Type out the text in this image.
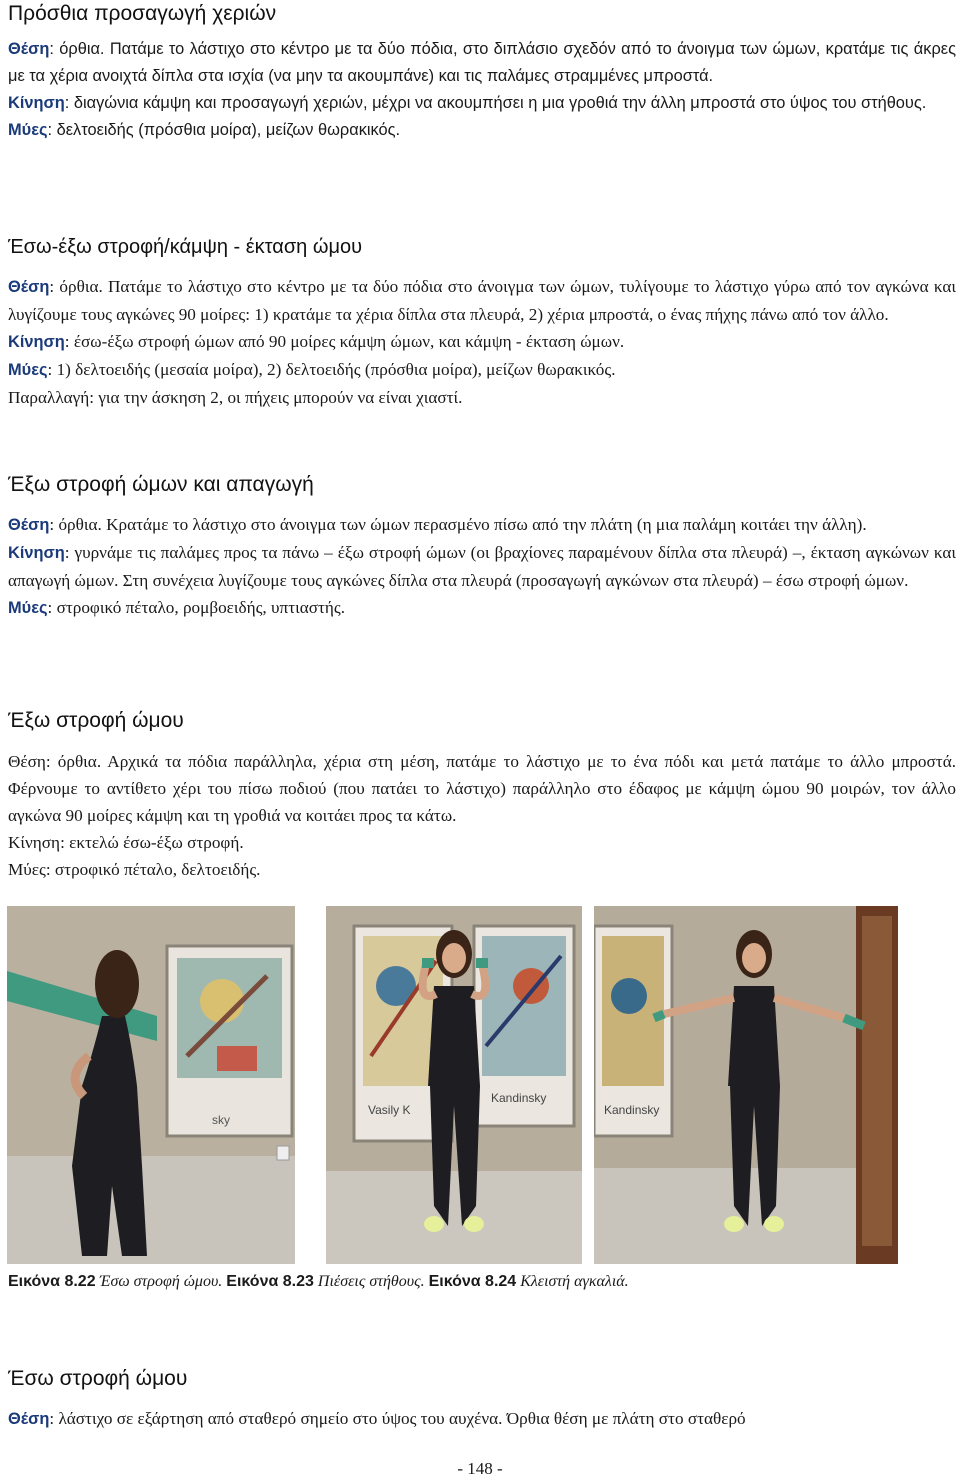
Πρόσθια προσαγωγή χεριών

Θέση: όρθια. Πατάμε το λάστιχο στο κέντρο με τα δύο πόδια, στο διπλάσιο σχεδόν από το άνοιγμα των ώμων, κρατάμε τις άκρες με τα χέρια ανοιχτά δίπλα στα ισχία (να μην τα ακουμπάνε) και τις παλάμες στραμμένες μπροστά.

Κίνηση: διαγώνια κάμψη και προσαγωγή χεριών, μέχρι να ακουμπήσει η μια γροθιά την άλλη μπροστά στο ύψος του στήθους.

Μύες: δελτοειδής (πρόσθια μοίρα), μείζων θωρακικός.

Έσω-έξω στροφή/κάμψη - έκταση ώμου

Θέση: όρθια. Πατάμε το λάστιχο στο κέντρο με τα δύο πόδια στο άνοιγμα των ώμων, τυλίγουμε το λάστιχο γύρω από τον αγκώνα και λυγίζουμε τους αγκώνες 90 μοίρες: 1) κρατάμε τα χέρια δίπλα στα πλευρά, 2) χέρια μπροστά, ο ένας πήχης πάνω από τον άλλο.

Κίνηση: έσω-έξω στροφή ώμων από 90 μοίρες κάμψη ώμων, και κάμψη - έκταση ώμων.

Μύες: 1) δελτοειδής (μεσαία μοίρα), 2) δελτοειδής (πρόσθια μοίρα), μείζων θωρακικός.

Παραλλαγή: για την άσκηση 2, οι πήχεις μπορούν να είναι χιαστί.

Έξω στροφή ώμων και απαγωγή

Θέση: όρθια. Κρατάμε το λάστιχο στο άνοιγμα των ώμων περασμένο πίσω από την πλάτη (η μια παλάμη κοιτάει την άλλη).

Κίνηση: γυρνάμε τις παλάμες προς τα πάνω – έξω στροφή ώμων (οι βραχίονες παραμένουν δίπλα στα πλευρά) –, έκταση αγκώνων και απαγωγή ώμων. Στη συνέχεια λυγίζουμε τους αγκώνες δίπλα στα πλευρά (προσαγωγή αγκώνων στα πλευρά) – έσω στροφή ώμων.

Μύες: στροφικό πέταλο, ρομβοειδής, υπτιαστής.

Έξω στροφή ώμου

Θέση: όρθια. Αρχικά τα πόδια παράλληλα, χέρια στη μέση, πατάμε το λάστιχο με το ένα πόδι και μετά πατάμε το άλλο μπροστά. Φέρνουμε το αντίθετο χέρι του πίσω ποδιού (που πατάει το λάστιχο) παράλληλο στο έδαφος με κάμψη ώμου 90 μοιρών, τον άλλο αγκώνα 90 μοίρες κάμψη και τη γροθιά να κοιτάει προς τα κάτω.

Κίνηση: εκτελώ έσω-έξω στροφή.

Μύες: στροφικό πέταλο, δελτοειδής.

sky
Vasily K
Kandinsky
Kandinsky
Εικόνα 8.22 Έσω στροφή ώμου. Εικόνα 8.23 Πιέσεις στήθους. Εικόνα 8.24 Κλειστή αγκαλιά.
Έσω στροφή ώμου

Θέση: λάστιχο σε εξάρτηση από σταθερό σημείο στο ύψος του αυχένα. Όρθια θέση με πλάτη στο σταθερό

- 148 -
